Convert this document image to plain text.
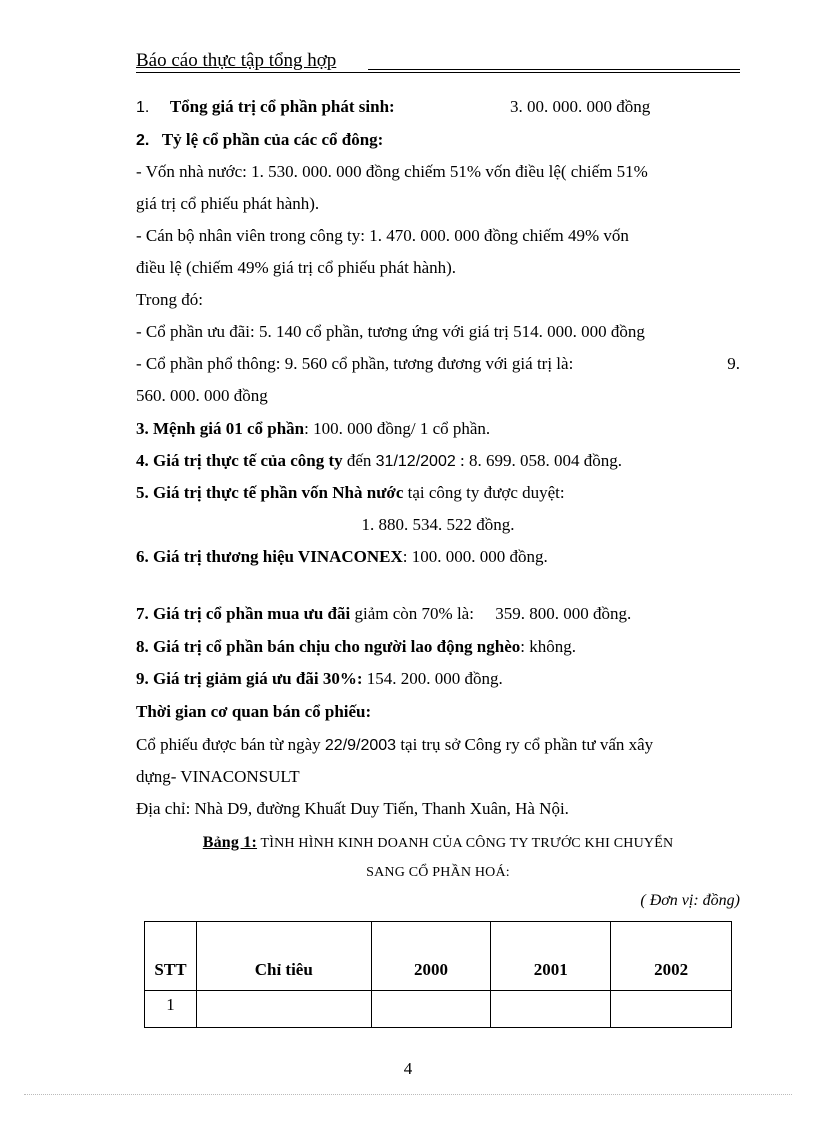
Báo cáo thực tập tổng hợp
1. Tổng giá trị cổ phần phát sinh:	3. 00. 000. 000 đồng
2. Tỷ lệ cổ phần của các cổ đông:
- Vốn nhà nước: 1. 530. 000. 000 đồng chiếm 51% vốn điều lệ( chiếm 51%
giá trị cổ phiếu phát hành).
- Cán bộ nhân viên trong công ty: 1. 470. 000. 000 đồng chiếm 49% vốn
điều lệ (chiếm 49% giá trị cổ phiếu phát hành).
Trong đó:
- Cổ phần ưu đãi: 5. 140 cổ phần, tương ứng với giá trị 514. 000. 000 đồng
- Cổ phần phổ thông: 9. 560 cổ phần, tương đương với giá trị là:	9.
560. 000. 000 đồng
3. Mệnh giá 01 cổ phần: 100. 000 đồng/ 1 cổ phần.
4. Giá trị thực tế của công ty đến 31/12/2002 : 8. 699. 058. 004 đồng.
5. Giá trị thực tế phần vốn Nhà nước tại công ty được duyệt:
1. 880. 534. 522 đồng.
6. Giá trị thương hiệu VINACONEX: 100. 000. 000 đồng.
7. Giá trị cổ phần mua ưu đãi giảm còn 70% là:     359. 800. 000 đồng.
8. Giá trị cổ phần bán chịu cho người lao động nghèo: không.
9. Giá trị giảm giá ưu đãi 30%: 154. 200. 000 đồng.
Thời gian cơ quan bán cổ phiếu:
Cổ phiếu được bán từ ngày 22/9/2003 tại trụ sở Công ry cổ phần tư vấn xây
dựng- VINACONSULT
Địa chỉ: Nhà D9, đường Khuất Duy Tiến, Thanh Xuân, Hà Nội.
Bảng 1: TÌNH HÌNH KINH DOANH CỦA CÔNG TY TRƯỚC KHI CHUYỂN
SANG CỔ PHẦN HOÁ:
( Đơn vị: đồng)
STT	Chỉ tiêu	2000	2001	2002
1				
4
